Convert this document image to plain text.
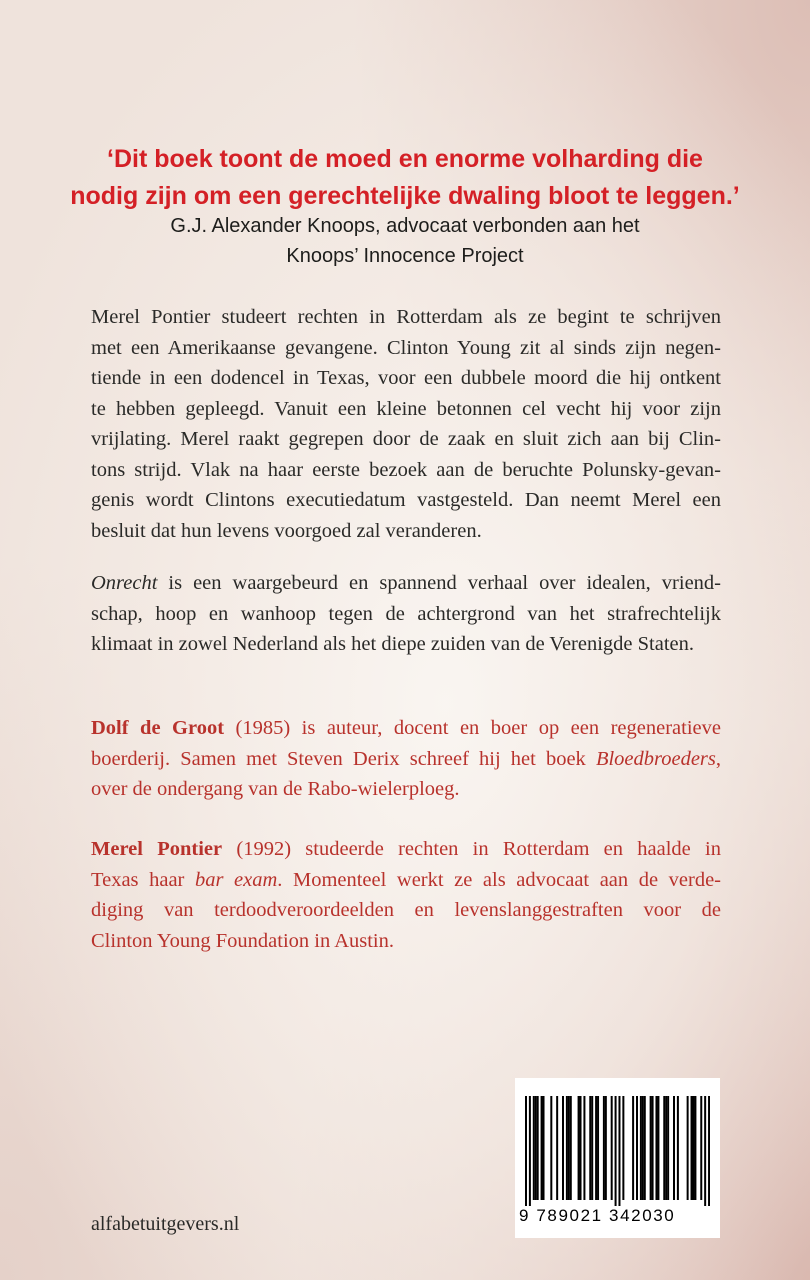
‘Dit boek toont de moed en enorme volharding die
nodig zijn om een gerechtelijke dwaling bloot te leggen.’

G.J. Alexander Knoops, advocaat verbonden aan het
Knoops’ Innocence Project

Merel Pontier studeert rechten in Rotterdam als ze begint te schrijven
met een Amerikaanse gevangene. Clinton Young zit al sinds zijn negen-
tiende in een dodencel in Texas, voor een dubbele moord die hij ontkent
te hebben gepleegd. Vanuit een kleine betonnen cel vecht hij voor zijn
vrijlating. Merel raakt gegrepen door de zaak en sluit zich aan bij Clin-
tons strijd. Vlak na haar eerste bezoek aan de beruchte Polunsky-gevan-
genis wordt Clintons executiedatum vastgesteld. Dan neemt Merel een
besluit dat hun levens voorgoed zal veranderen.

Onrecht is een waargebeurd en spannend verhaal over idealen, vriend-
schap, hoop en wanhoop tegen de achtergrond van het strafrechtelijk
klimaat in zowel Nederland als het diepe zuiden van de Verenigde Staten.

Dolf de Groot (1985) is auteur, docent en boer op een regeneratieve
boerderij. Samen met Steven Derix schreef hij het boek Bloedbroeders,
over de ondergang van de Rabo-wielerploeg.

Merel Pontier (1992) studeerde rechten in Rotterdam en haalde in
Texas haar bar exam. Momenteel werkt ze als advocaat aan de verde-
diging van terdoodveroordeelden en levenslanggestraften voor de
Clinton Young Foundation in Austin.

alfabetuitgevers.nl	9 789021 342030
